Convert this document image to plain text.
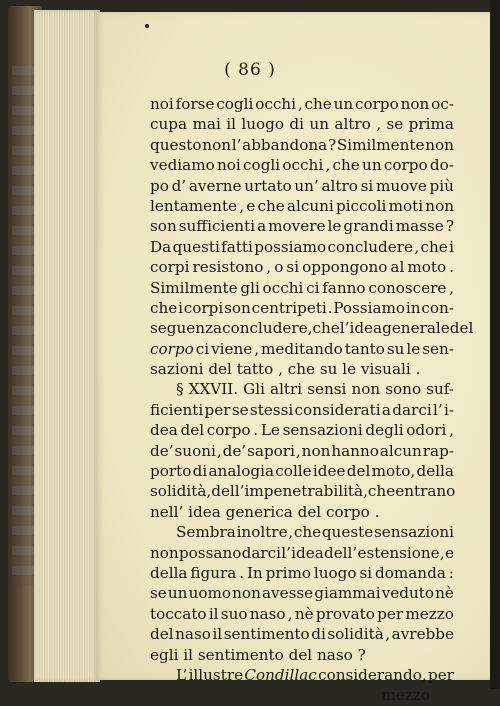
( 86 )
noi forse cogli occhi , che un corpo non oc-
cupa mai il luogo di un altro , se prima
questo non l’ abbandona ? Similmente non
vediamo noi cogli occhi , che un corpo do-
po d’ averne urtato un’ altro si muove più
lentamente , e che alcuni piccoli moti non
son sufficienti a movere le grandi masse ?
Da questi fatti possiamo concludere , che i
corpi resistono , o si oppongono al moto .
Similmente gli occhi ci fanno conoscere ,
che i corpi son centripeti . Possiamo in con-
seguenza concludere , che l’idea generale del
corpo ci viene , meditando tanto su le sen-
sazioni del tatto , che su le visuali .
§ XXVII. Gli altri sensi non sono suf-
ficienti per se stessi considerati a darci l’ i-
dea del corpo . Le sensazioni degli odori ,
de’ suoni , de’ sapori , non hanno alcun rap-
porto di analogia colle idee del moto, della
solidità , dell’ impenetrabilità , che entrano
nell’ idea generica del corpo .
Sembra inoltre , che queste sensazioni
non possano darci l’ idea dell’ estensione , e
della figura . In primo luogo si domanda :
se un uomo non avesse giammai veduto nè
toccato il suo naso , nè provato per mezzo
del naso il sentimento di solidità , avrebbe
egli il sentimento del naso ?
L’ illustre Condillac considerando, per
mezzo
